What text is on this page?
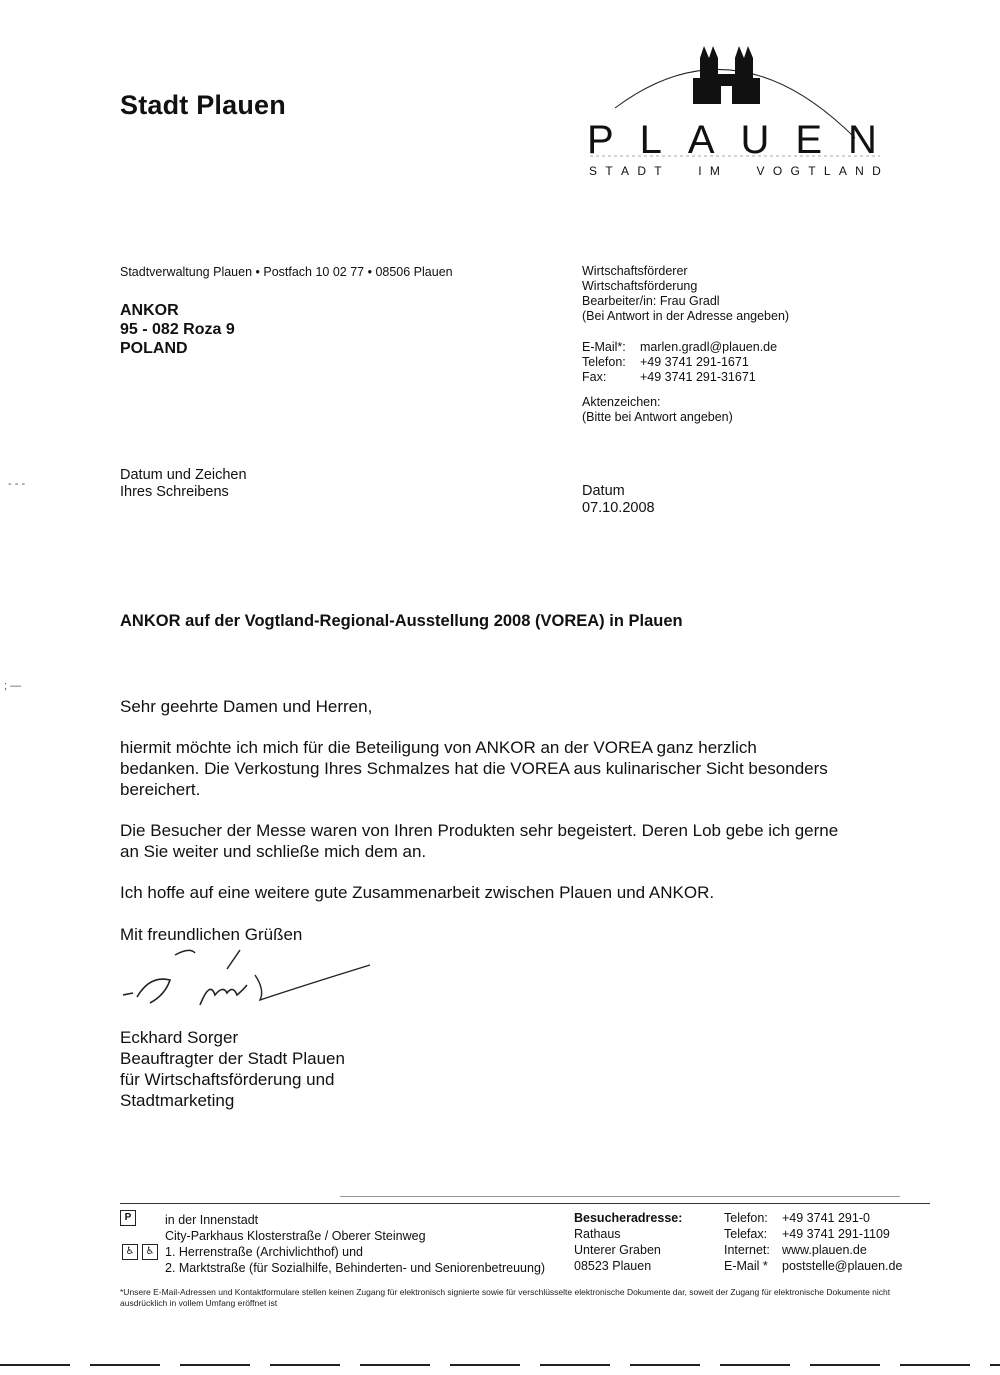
Stadt Plauen
P L A U E N
S T A D T	I M	V O G T L A N D
Stadtverwaltung Plauen • Postfach 10 02 77 • 08506 Plauen
ANKOR
95 - 082 Roza 9
POLAND
Wirtschaftsförderer
Wirtschaftsförderung
Bearbeiter/in: Frau Gradl
(Bei Antwort in der Adresse angeben)
E-Mail*:	marlen.gradl@plauen.de
Telefon:	+49 3741 291-1671
Fax:	+49 3741 291-31671
Aktenzeichen:
(Bitte bei Antwort angeben)
Datum und Zeichen
Ihres Schreibens	Datum
07.10.2008
ANKOR auf der Vogtland-Regional-Ausstellung 2008 (VOREA) in Plauen

Sehr geehrte Damen und Herren,

hiermit möchte ich mich für die Beteiligung von ANKOR an der VOREA ganz herzlich bedanken. Die Verkostung Ihres Schmalzes hat die VOREA aus kulinarischer Sicht besonders bereichert.

Die Besucher der Messe waren von Ihren Produkten sehr begeistert. Deren Lob gebe ich gerne an Sie weiter und schließe mich dem an.

Ich hoffe auf eine weitere gute Zusammenarbeit zwischen Plauen und ANKOR.

Mit freundlichen Grüßen
Eckhard Sorger
Beauftragter der Stadt Plauen
für Wirtschaftsförderung und
Stadtmarketing
P	in der Innenstadt
City-Parkhaus Klosterstraße / Oberer Steinweg
1. Herrenstraße (Archivlichthof) und
2. Marktstraße (für Sozialhilfe, Behinderten- und Seniorenbetreuung)
♿ ♿
Besucheradresse:
Rathaus
Unterer Graben
08523 Plauen
Telefon:	+49 3741 291-0
Telefax:	+49 3741 291-1109
Internet: www.plauen.de
E-Mail *	poststelle@plauen.de
*Unsere E-Mail-Adressen und Kontaktformulare stellen keinen Zugang für elektronisch signierte sowie für verschlüsselte elektronische Dokumente dar, soweit der Zugang für elektronische Dokumente nicht ausdrücklich in vollem Umfang eröffnet ist
- - -
; —
